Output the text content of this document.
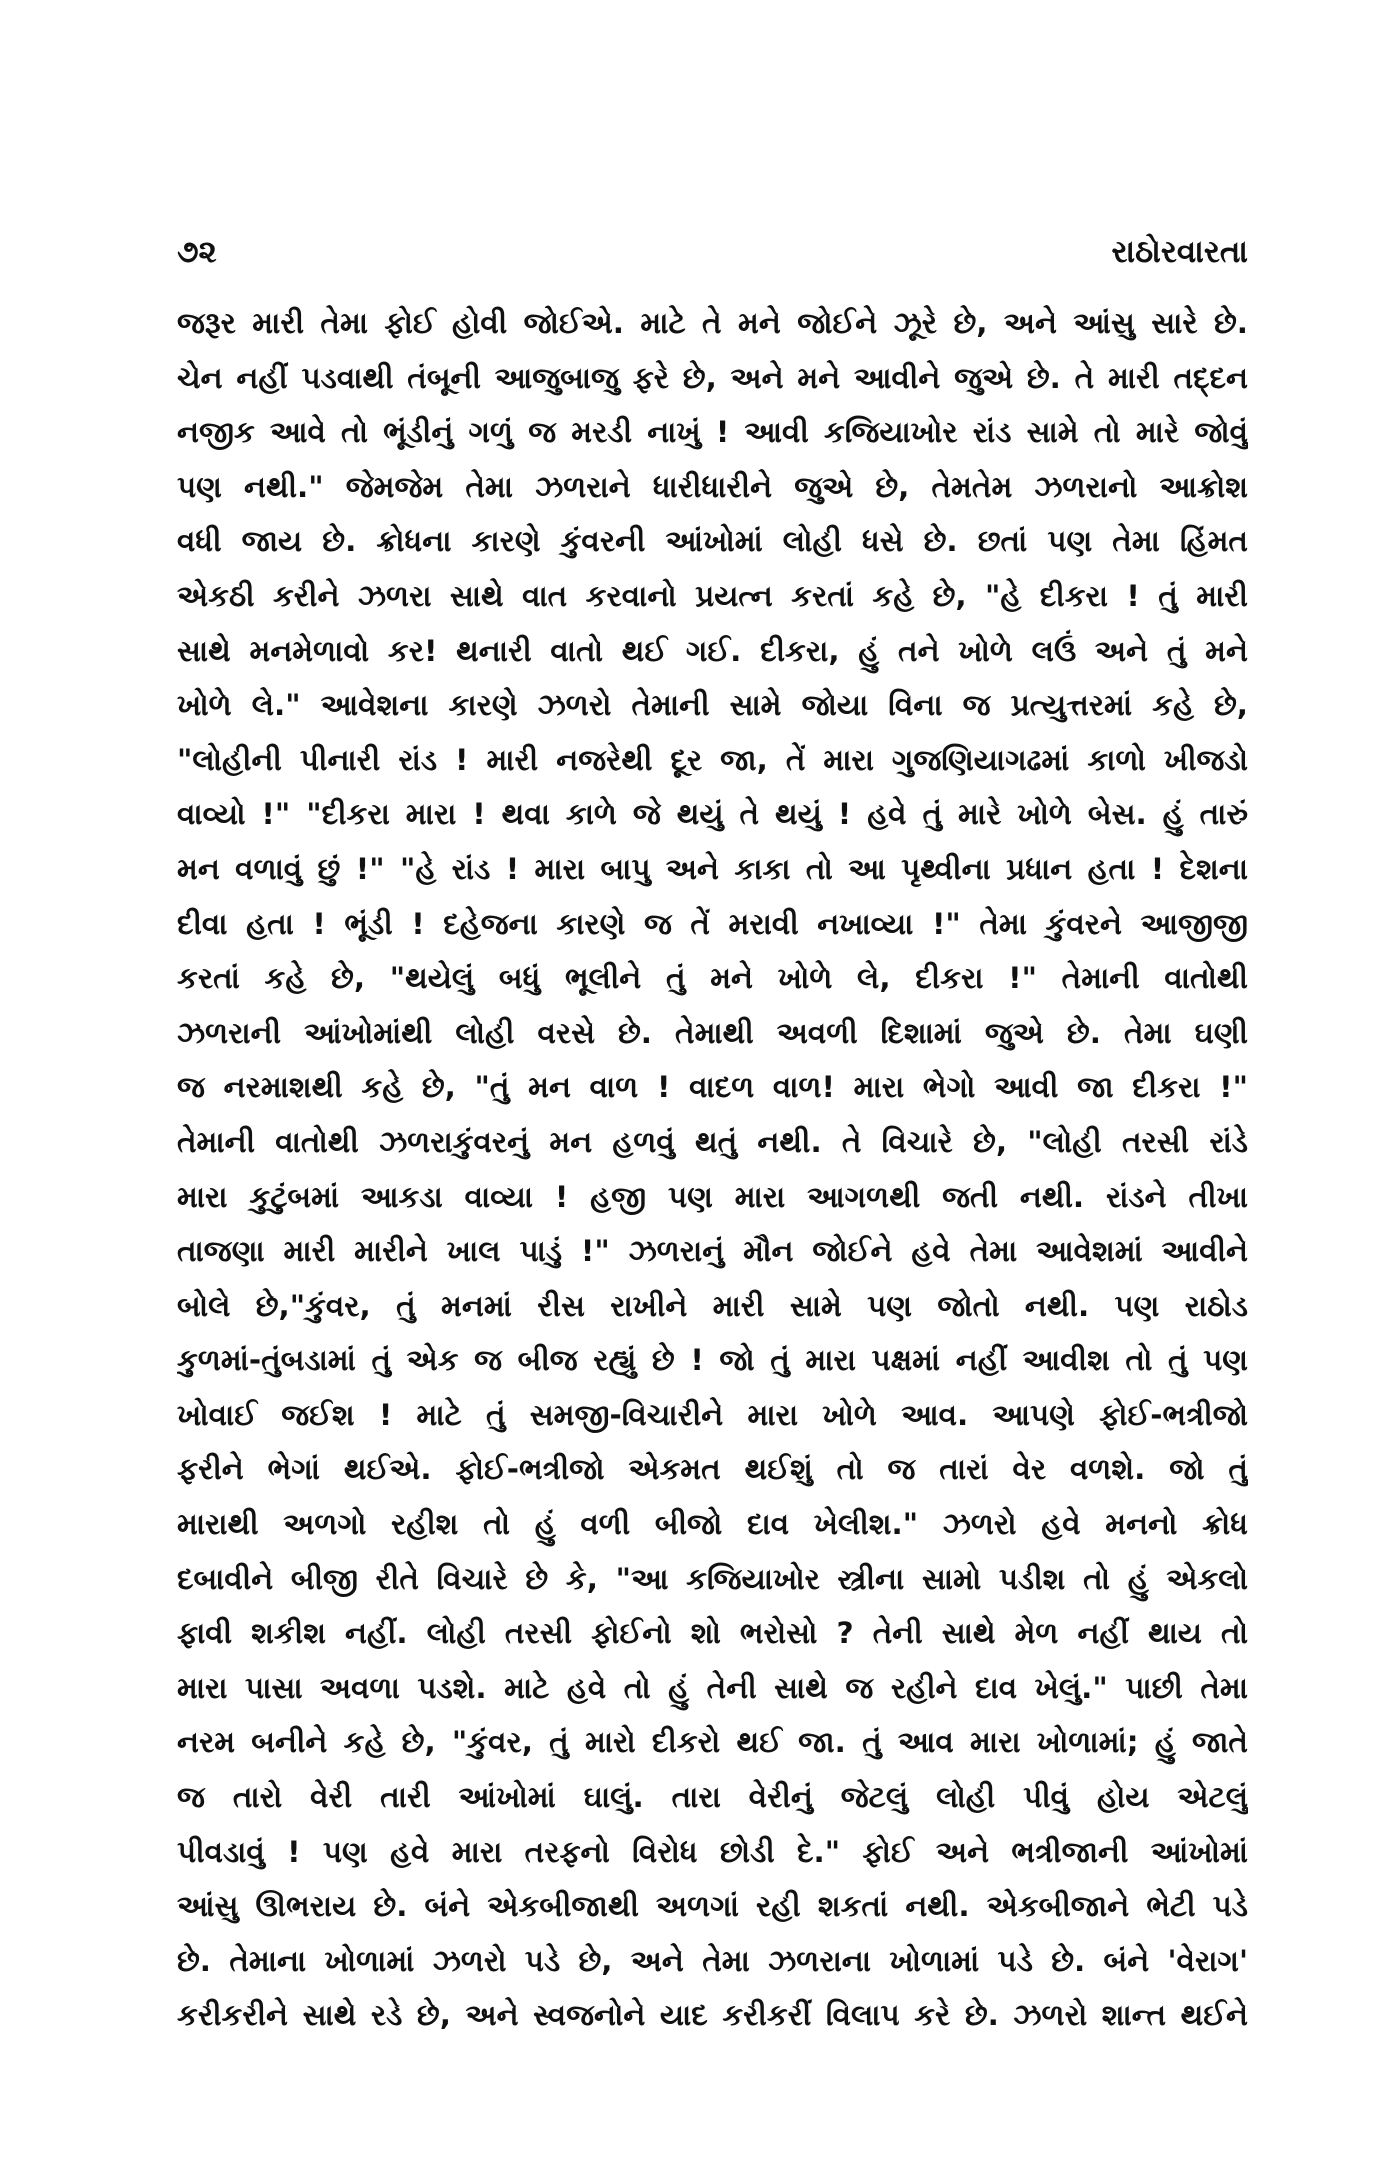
૭૨	રાઠોરવારતા
જરૂર મારી તેમા ફોઈ હોવી જોઈએ. માટે તે મને જોઈને ઝૂરે છે, અને આંસુ સારે છે.
ચેન નહીં પડવાથી તંબૂની આજુબાજુ ફરે છે, અને મને આવીને જુએ છે. તે મારી તદ્દન
નજીક આવે તો ભૂંડીનું ગળું જ મરડી નાખું ! આવી કજિયાખોર રાંડ સામે તો મારે જોવું
પણ નથી." જેમજેમ તેમા ઝળરાને ધારીધારીને જુએ છે, તેમતેમ ઝળરાનો આક્રોશ
વધી જાય છે. ક્રોધના કારણે કુંવરની આંખોમાં લોહી ધસે છે. છતાં પણ તેમા હિંમત
એકઠી કરીને ઝળરા સાથે વાત કરવાનો પ્રયત્ન કરતાં કહે છે, "હે દીકરા ! તું મારી
સાથે મનમેળાવો કર! થનારી વાતો થઈ ગઈ. દીકરા, હું તને ખોળે લઉં અને તું મને
ખોળે લે." આવેશના કારણે ઝળરો તેમાની સામે જોયા વિના જ પ્રત્યુત્તરમાં કહે છે,
"લોહીની પીનારી રાંડ ! મારી નજરેથી દૂર જા, તેં મારા ગુજણિયાગઢમાં કાળો ખીજડો
વાવ્યો !" "દીકરા મારા ! થવા કાળે જે થયું તે થયું ! હવે તું મારે ખોળે બેસ. હું તારું
મન વળાવું છું !" "હે રાંડ ! મારા બાપુ અને કાકા તો આ પૃથ્વીના પ્રધાન હતા ! દેશના
દીવા હતા ! ભૂંડી ! દહેજના કારણે જ તેં મરાવી નખાવ્યા !" તેમા કુંવરને આજીજી
કરતાં કહે છે, "થયેલું બધું ભૂલીને તું મને ખોળે લે, દીકરા !" તેમાની વાતોથી
ઝળરાની આંખોમાંથી લોહી વરસે છે. તેમાથી અવળી દિશામાં જુએ છે. તેમા ઘણી
જ નરમાશથી કહે છે, "તું મન વાળ ! વાદળ વાળ! મારા ભેગો આવી જા દીકરા !"
તેમાની વાતોથી ઝળરાકુંવરનું મન હળવું થતું નથી. તે વિચારે છે, "લોહી તરસી રાંડે
મારા કુટુંબમાં આકડા વાવ્યા ! હજી પણ મારા આગળથી જતી નથી. રાંડને તીખા
તાજણા મારી મારીને ખાલ પાડું !" ઝળરાનું મૌન જોઈને હવે તેમા આવેશમાં આવીને
બોલે છે,"કુંવર, તું મનમાં રીસ રાખીને મારી સામે પણ જોતો નથી. પણ રાઠોડ
કુળમાં-તુંબડામાં તું એક જ બીજ રહ્યું છે ! જો તું મારા પક્ષમાં નહીં આવીશ તો તું પણ
ખોવાઈ જઈશ ! માટે તું સમજી-વિચારીને મારા ખોળે આવ. આપણે ફોઈ-ભત્રીજો
ફરીને ભેગાં થઈએ. ફોઈ-ભત્રીજો એકમત થઈશું તો જ તારાં વેર વળશે. જો તું
મારાથી અળગો રહીશ તો હું વળી બીજો દાવ ખેલીશ." ઝળરો હવે મનનો ક્રોધ
દબાવીને બીજી રીતે વિચારે છે કે, "આ કજિયાખોર સ્ત્રીના સામો પડીશ તો હું એકલો
ફાવી શકીશ નહીં. લોહી તરસી ફોઈનો શો ભરોસો ? તેની સાથે મેળ નહીં થાય તો
મારા પાસા અવળા પડશે. માટે હવે તો હું તેની સાથે જ રહીને દાવ ખેલું." પાછી તેમા
નરમ બનીને કહે છે, "કુંવર, તું મારો દીકરો થઈ જા. તું આવ મારા ખોળામાં; હું જાતે
જ તારો વેરી તારી આંખોમાં ઘાલું. તારા વેરીનું જેટલું લોહી પીવું હોય એટલું
પીવડાવું ! પણ હવે મારા તરફનો વિરોધ છોડી દે." ફોઈ અને ભત્રીજાની આંખોમાં
આંસુ ઊભરાય છે. બંને એકબીજાથી અળગાં રહી શકતાં નથી. એકબીજાને ભેટી પડે
છે. તેમાના ખોળામાં ઝળરો પડે છે, અને તેમા ઝળરાના ખોળામાં પડે છે. બંને 'વેરાગ'
કરીકરીને સાથે રડે છે, અને સ્વજનોને યાદ કરીકરીં વિલાપ કરે છે. ઝળરો શાન્ત થઈને
